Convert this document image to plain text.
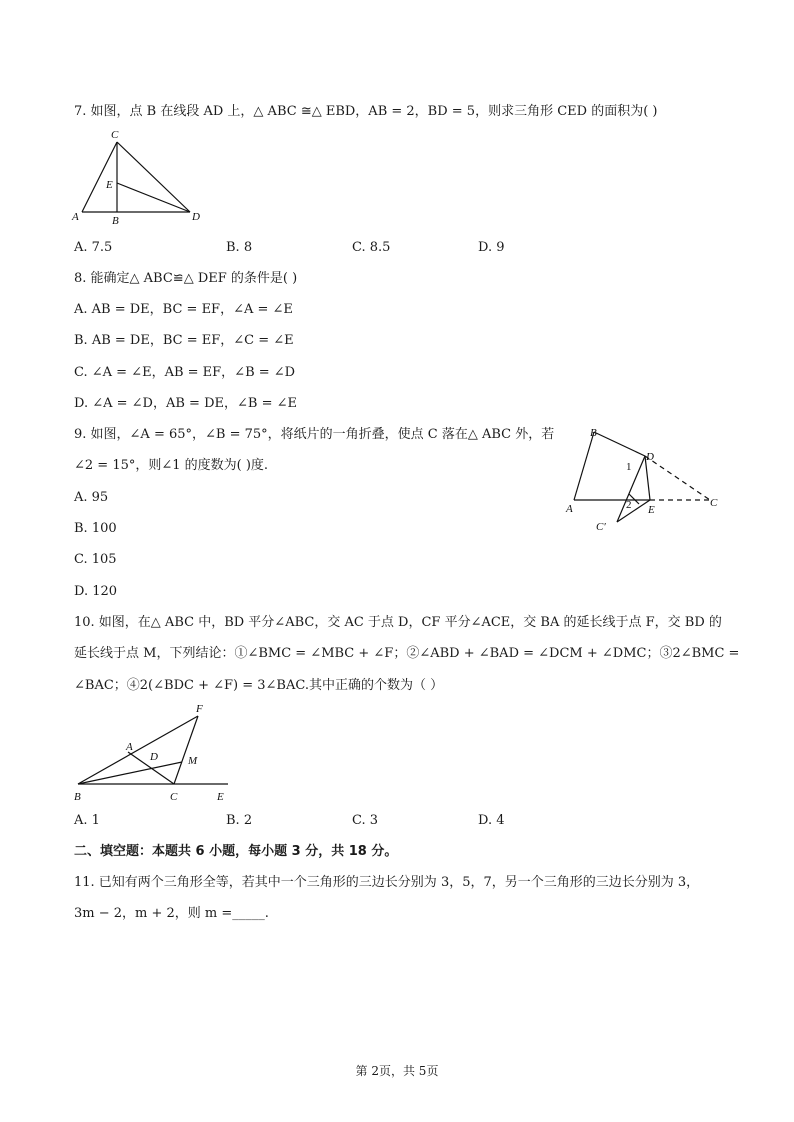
7. 如图，点 B 在线段 AD 上，△ ABC ≅△ EBD，AB = 2，BD = 5，则求三角形 CED 的面积为( )
C
E
A	B	D
A. 7.5	B. 8	C. 8.5	D. 9
8. 能确定△ ABC≌△ DEF 的条件是( )
A. AB = DE，BC = EF，∠A = ∠E
B. AB = DE，BC = EF，∠C = ∠E
C. ∠A = ∠E，AB = EF，∠B = ∠D
D. ∠A = ∠D，AB = DE，∠B = ∠E
9. 如图，∠A = 65°，∠B = 75°，将纸片的一角折叠，使点 C 落在△ ABC 外，若
∠2 = 15°，则∠1 的度数为( )度.
A. 95
B. 100
C. 105
D. 120
B
D
1
C
2
A	E
C′
10. 如图，在△ ABC 中，BD 平分∠ABC，交 AC 于点 D，CF 平分∠ACE，交 BA 的延长线于点 F，交 BD 的
延长线于点 M，下列结论：①∠BMC = ∠MBC + ∠F；②∠ABD + ∠BAD = ∠DCM + ∠DMC；③2∠BMC =
∠BAC；④2(∠BDC + ∠F) = 3∠BAC.其中正确的个数为（ ）
F
A
D	M
B	C	E
A. 1	B. 2	C. 3	D. 4
二、填空题：本题共 6 小题，每小题 3 分，共 18 分。
11. 已知有两个三角形全等，若其中一个三角形的三边长分别为 3，5，7，另一个三角形的三边长分别为 3，
3m − 2，m + 2，则 m =_____.
第 2页，共 5页
